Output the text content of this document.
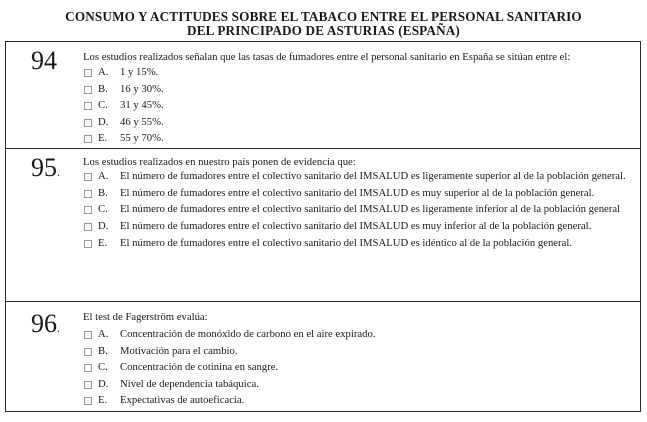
CONSUMO Y ACTITUDES SOBRE EL TABACO ENTRE EL PERSONAL SANITARIO
DEL PRINCIPADO DE ASTURIAS (ESPAÑA)
94 Los estudios realizados señalan que las tasas de fumadores entre el personal sanitario en España se sitúan entre el:
A. 1 y 15%.
B. 16 y 30%.
C. 31 y 45%.
D. 46 y 55%.
E. 55 y 70%.
95.
Los estudios realizados en nuestro país ponen de evidencia que:
A. El número de fumadores entre el colectivo sanitario del IMSALUD es ligeramente superior al de la población general.
B. El número de fumadores entre el colectivo sanitario del IMSALUD es muy superior al de la población general.
C. El número de fumadores entre el colectivo sanitario del IMSALUD es ligeramente inferior al de la población general
D. El número de fumadores entre el colectivo sanitario del IMSALUD es muy inferior al de la población general.
E. El número de fumadores entre el colectivo sanitario del IMSALUD es idéntico al de la población general.
96.
El test de Fagerström evalúa:
A. Concentración de monóxido de carbono en el aire expirado.
B. Motivación para el cambio.
C. Concentración de cotinina en sangre.
D. Nivel de dependencia tabáquica.
E. Expectativas de autoeficacia.
